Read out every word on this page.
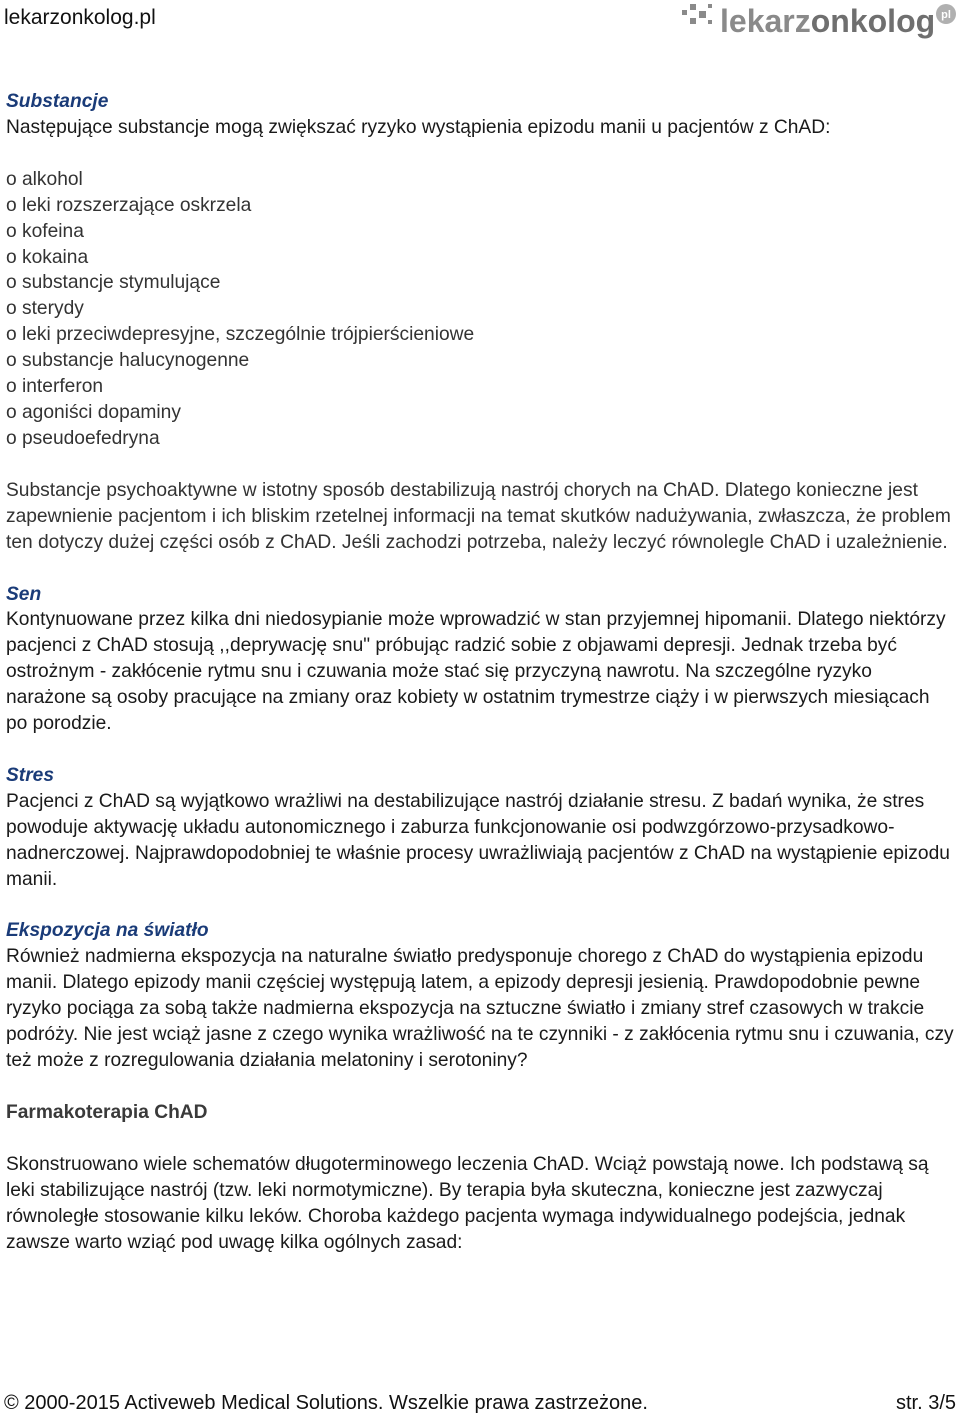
lekarzonkolog.pl	lekarzonkolog pl

Substancje

Następujące substancje mogą zwiększać ryzyko wystąpienia epizodu manii u pacjentów z ChAD:

o alkohol

o leki rozszerzające oskrzela

o kofeina

o kokaina

o substancje stymulujące

o sterydy

o leki przeciwdepresyjne, szczególnie trójpierścieniowe

o substancje halucynogenne

o interferon

o agoniści dopaminy

o pseudoefedryna

Substancje psychoaktywne w istotny sposób destabilizują nastrój chorych na ChAD. Dlatego konieczne jest zapewnienie pacjentom i ich bliskim rzetelnej informacji na temat skutków nadużywania, zwłaszcza, że problem ten dotyczy dużej części osób z ChAD. Jeśli zachodzi potrzeba, należy leczyć równolegle ChAD i uzależnienie.

Sen

Kontynuowane przez kilka dni niedosypianie może wprowadzić w stan przyjemnej hipomanii. Dlatego niektórzy pacjenci z ChAD stosują ,,deprywację snu" próbując radzić sobie z objawami depresji. Jednak trzeba być ostrożnym - zakłócenie rytmu snu i czuwania może stać się przyczyną nawrotu. Na szczególne ryzyko narażone są osoby pracujące na zmiany oraz kobiety w ostatnim trymestrze ciąży i w pierwszych miesiącach po porodzie.

Stres

Pacjenci z ChAD są wyjątkowo wrażliwi na destabilizujące nastrój działanie stresu. Z badań wynika, że stres powoduje aktywację układu autonomicznego i zaburza funkcjonowanie osi podwzgórzowo-przysadkowo-nadnerczowej. Najprawdopodobniej te właśnie procesy uwrażliwiają pacjentów z ChAD na wystąpienie epizodu manii.

Ekspozycja na światło

Również nadmierna ekspozycja na naturalne światło predysponuje chorego z ChAD do wystąpienia epizodu manii. Dlatego epizody manii częściej występują latem, a epizody depresji jesienią. Prawdopodobnie pewne ryzyko pociąga za sobą także nadmierna ekspozycja na sztuczne światło i zmiany stref czasowych w trakcie podróży. Nie jest wciąż jasne z czego wynika wrażliwość na te czynniki - z zakłócenia rytmu snu i czuwania, czy też może z rozregulowania działania melatoniny i serotoniny?

Farmakoterapia ChAD

Skonstruowano wiele schematów długoterminowego leczenia ChAD. Wciąż powstają nowe. Ich podstawą są leki stabilizujące nastrój (tzw. leki normotymiczne). By terapia była skuteczna, konieczne jest zazwyczaj równoległe stosowanie kilku leków. Choroba każdego pacjenta wymaga indywidualnego podejścia, jednak zawsze warto wziąć pod uwagę kilka ogólnych zasad:

© 2000-2015 Activeweb Medical Solutions. Wszelkie prawa zastrzeżone.	str. 3/5
